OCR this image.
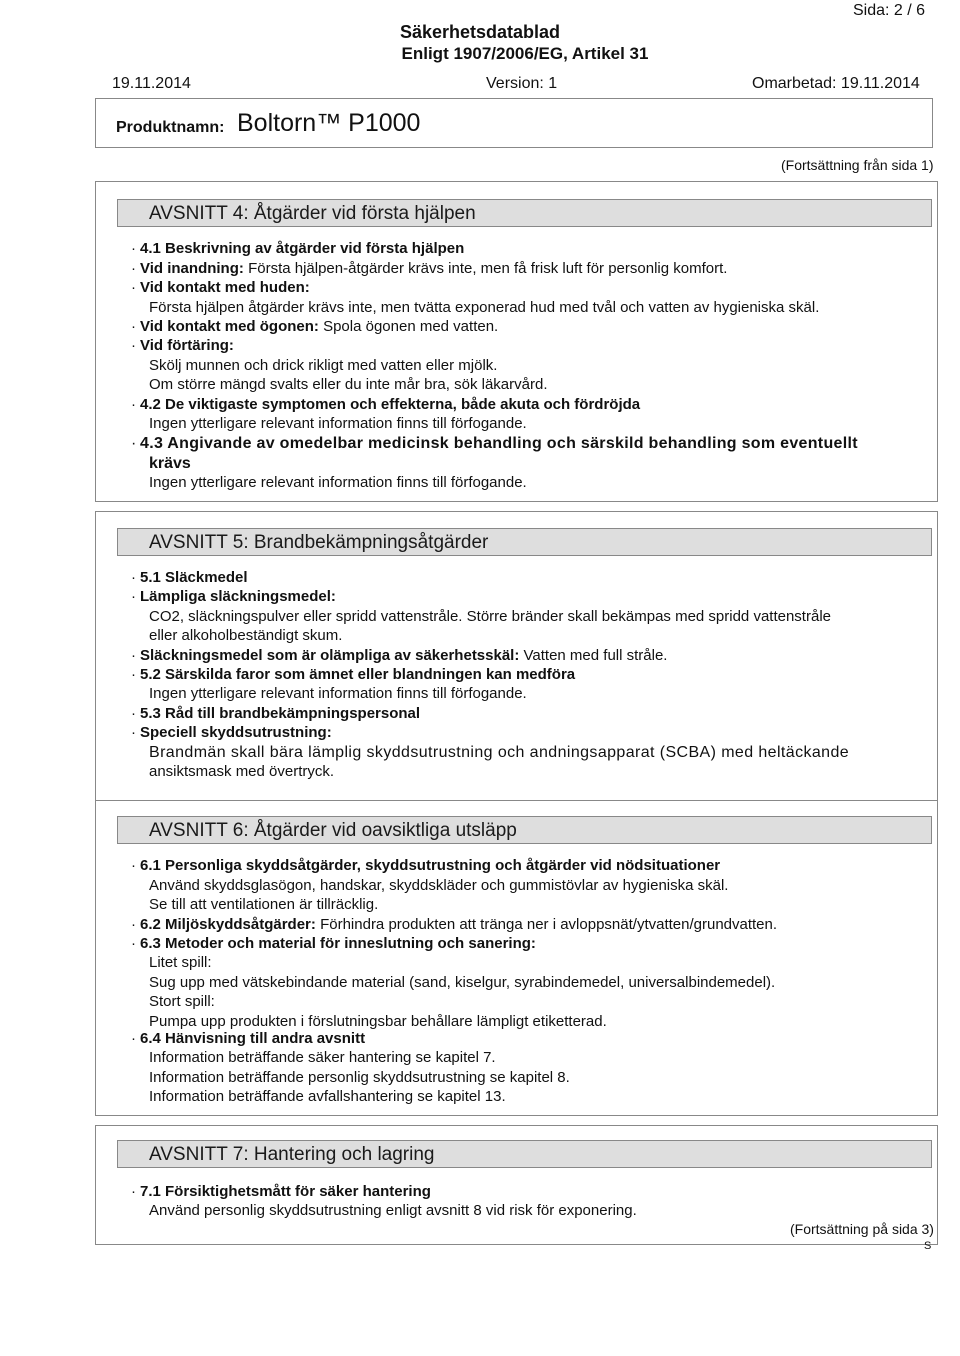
Sida: 2 / 6
Säkerhetsdatablad
Enligt 1907/2006/EG, Artikel 31
19.11.2014	Version: 1	Omarbetad: 19.11.2014
Produktnamn: Boltorn™ P1000
(Fortsättning från sida 1)
AVSNITT 4: Åtgärder vid första hjälpen
· 4.1 Beskrivning av åtgärder vid första hjälpen
· Vid inandning: Första hjälpen-åtgärder krävs inte, men få frisk luft för personlig komfort.
· Vid kontakt med huden:
Första hjälpen åtgärder krävs inte, men tvätta exponerad hud med tvål och vatten av hygieniska skäl.
· Vid kontakt med ögonen: Spola ögonen med vatten.
· Vid förtäring:
Skölj munnen och drick rikligt med vatten eller mjölk.
Om större mängd svalts eller du inte mår bra, sök läkarvård.
· 4.2 De viktigaste symptomen och effekterna, både akuta och fördröjda
Ingen ytterligare relevant information finns till förfogande.
· 4.3 Angivande av omedelbar medicinsk behandling och särskild behandling som eventuellt
krävs
Ingen ytterligare relevant information finns till förfogande.
AVSNITT 5: Brandbekämpningsåtgärder
· 5.1 Släckmedel
· Lämpliga släckningsmedel:
CO2, släckningspulver eller spridd vattenstråle. Större bränder skall bekämpas med spridd vattenstråle
eller alkoholbeständigt skum.
· Släckningsmedel som är olämpliga av säkerhetsskäl: Vatten med full stråle.
· 5.2 Särskilda faror som ämnet eller blandningen kan medföra
Ingen ytterligare relevant information finns till förfogande.
· 5.3 Råd till brandbekämpningspersonal
· Speciell skyddsutrustning:
Brandmän skall bära lämplig skyddsutrustning och andningsapparat (SCBA) med heltäckande
ansiktsmask med övertryck.
AVSNITT 6: Åtgärder vid oavsiktliga utsläpp
· 6.1 Personliga skyddsåtgärder, skyddsutrustning och åtgärder vid nödsituationer
Använd skyddsglasögon, handskar, skyddskläder och gummistövlar av hygieniska skäl.
Se till att ventilationen är tillräcklig.
· 6.2 Miljöskyddsåtgärder: Förhindra produkten att tränga ner i avloppsnät/ytvatten/grundvatten.
· 6.3 Metoder och material för inneslutning och sanering:
Litet spill:
Sug upp med vätskebindande material (sand, kiselgur, syrabindemedel, universalbindemedel).
Stort spill:
Pumpa upp produkten i förslutningsbar behållare lämpligt etiketterad.
· 6.4 Hänvisning till andra avsnitt
Information beträffande säker hantering se kapitel 7.
Information beträffande personlig skyddsutrustning se kapitel 8.
Information beträffande avfallshantering se kapitel 13.
AVSNITT 7: Hantering och lagring
· 7.1 Försiktighetsmått för säker hantering
Använd personlig skyddsutrustning enligt avsnitt 8 vid risk för exponering.
(Fortsättning på sida 3)
S
